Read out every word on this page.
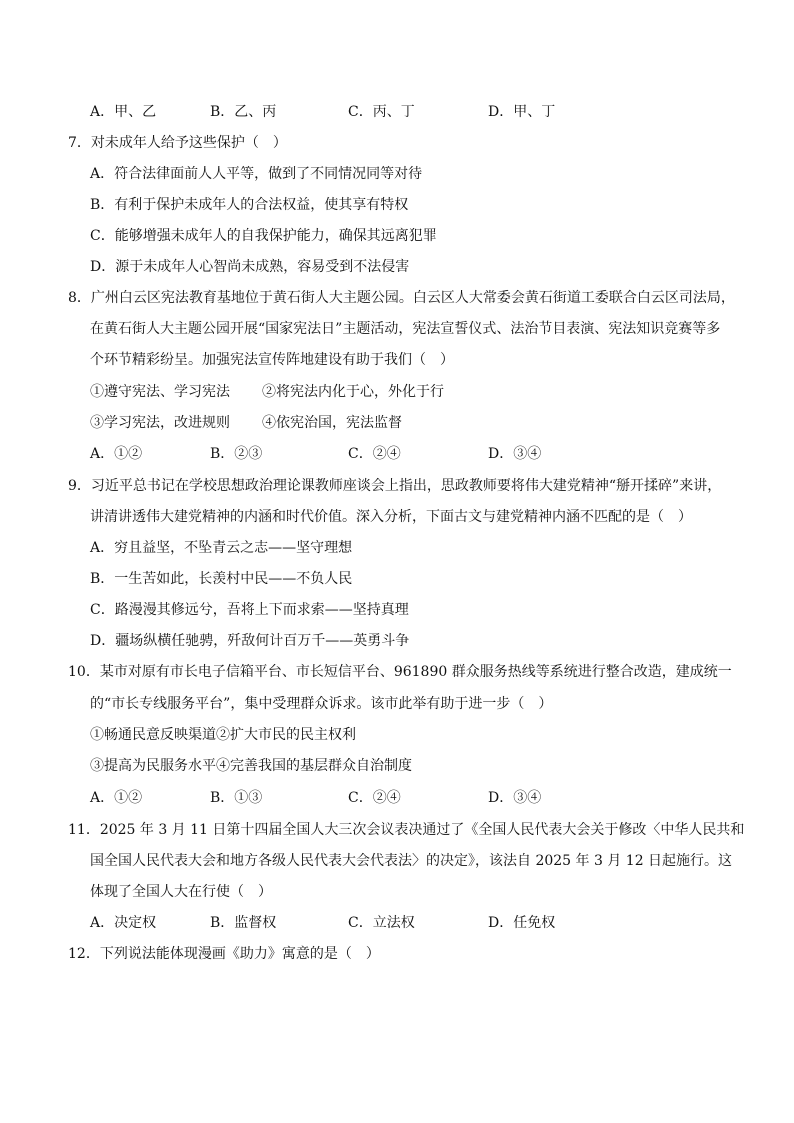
A．甲、乙	B．乙、丙	C．丙、丁	D．甲、丁
7．对未成年人给予这些保护（　）
A．符合法律面前人人平等，做到了不同情况同等对待
B．有利于保护未成年人的合法权益，使其享有特权
C．能够增强未成年人的自我保护能力，确保其远离犯罪
D．源于未成年人心智尚未成熟，容易受到不法侵害
8．广州白云区宪法教育基地位于黄石街人大主题公园。白云区人大常委会黄石街道工委联合白云区司法局，
在黄石街人大主题公园开展“国家宪法日”主题活动，宪法宣誓仪式、法治节目表演、宪法知识竞赛等多
个环节精彩纷呈。加强宪法宣传阵地建设有助于我们（　）
①遵守宪法、学习宪法 ②将宪法内化于心，外化于行
③学习宪法，改进规则 ④依宪治国，宪法监督
A．①②	B．②③	C．②④	D．③④
9．习近平总书记在学校思想政治理论课教师座谈会上指出，思政教师要将伟大建党精神“掰开揉碎”来讲，
讲清讲透伟大建党精神的内涵和时代价值。深入分析，下面古文与建党精神内涵不匹配的是（　）
A．穷且益坚，不坠青云之志——坚守理想
B．一生苦如此，长羡村中民——不负人民
C．路漫漫其修远兮，吾将上下而求索——坚持真理
D．疆场纵横任驰骋，歼敌何计百万千——英勇斗争
10．某市对原有市长电子信箱平台、市长短信平台、961890 群众服务热线等系统进行整合改造，建成统一
的“市长专线服务平台”，集中受理群众诉求。该市此举有助于进一步（　）
①畅通民意反映渠道②扩大市民的民主权利
③提高为民服务水平④完善我国的基层群众自治制度
A．①②	B．①③	C．②④	D．③④
11．2025 年 3 月 11 日第十四届全国人大三次会议表决通过了《全国人民代表大会关于修改〈中华人民共和
国全国人民代表大会和地方各级人民代表大会代表法〉的决定》，该法自 2025 年 3 月 12 日起施行。这
体现了全国人大在行使（　）
A．决定权	B．监督权	C．立法权	D．任免权
12．下列说法能体现漫画《助力》寓意的是（　）
